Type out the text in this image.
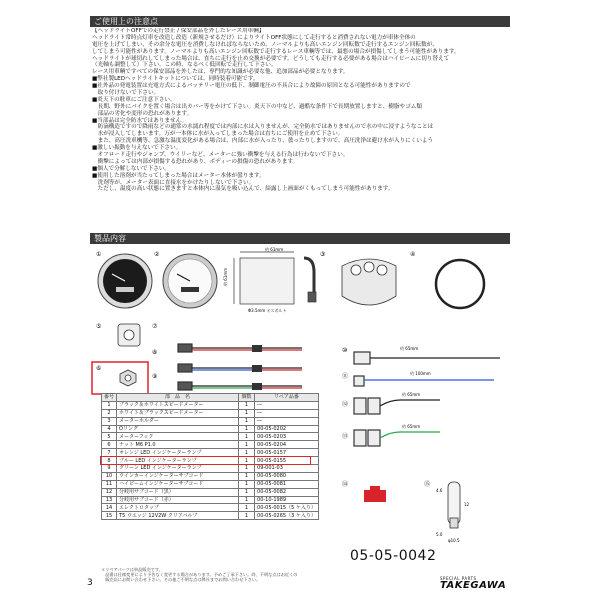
ご使用上の注意点
【ヘッドライトOFFでの走行禁止 / 保安部品を外したレース用車輌】
ヘッドライト常時点灯車を改造し改造（新規させるだけ）によりライトOFF状態にして走行すると消費されない電力が車体全体の
電圧を上げてしまい、その余分な電圧を消費しなければならないため、ノーマルよりも高いエンジン回転数で走行するエンジン回転数が、
してしまう可能性があります。ノーマルよりも高いエンジン回転数で走行するレース車輌等では、最悪の場合が損傷してしまう可能性があります。
ヘッドライトが球切れしてしまった場合は、直ちに走行を止め交換が必要です。どうしても走行する必要がある場合はハイビームに切り替えて
（光軸も調整して）下さい。この時、なるべく低回転で走行して下さい。
レース用車輌ですべての保安部品を外したは、専門的な知識が必要な他、追加部品が必要となります。
■弊社製LEDヘッドライトキットについては、同時装着可能です。
■社外品の発電装置は充電方式によるバッテリー電圧の低下、制御電圧の不具合により故障の原因となる可能性がありますので
　取り付けないで下さい。
■炎天下の駐車にご注意下さい。
　長期、野外にバイクを置く場合は出カバー等をかけて下さい。炎天下の中など、過酷な条件下で長期放置しますと、樹脂やゴム類
　部品の劣化や変形の恐れがあります。
■当部品は完全防水ではありません。
　防滴構造ですので降雨などの通常の水濡れ程度では内部に水は入りませんが、完全防水ではありませんので水の中に浸すようなことは
　水が浸入してしまいます。万が一本体に水が入ってしまった場合は直ちにご使用を止めて下さい。
　また、高圧洗車機等、急激な温度変化がある場合は、内部に水が入ったり、曇ったりしますので、高圧洗浄は避け水が入りにくいよう
■激しい振動を与えないで下さい。
　オフロード走行やジャンプ、ウイリーなど、メーターに強い衝撃を与える行為は行わないで下さい。
　衝撃によっては内部が損傷する恐れがあり、ボディーの損傷の恐れがあります。
■個人で分解しないで下さい。
■使用した溶剤が当たってしまった場合はメーター本体が曇ります。
　洗剤等が、メーター表面に直接水をかけたりしないで下さい。
　ただし、温度の高い状態に置きますと本体内に湿気を吸い込んで、結露し上画面がくもってしまう可能性があります。
製品内容
①	②	③	④
⑤
⑥
⑦
⑧
⑨
約 61mm
約 61mm
Φ3.5mm オスボルト
⑩
⑪
⑫
⑬
⑭	⑮
約 65mm
約 100mm
約 65mm
約 65mm
4.6
12
5.0
φ10.5
番号	部　品　名	個数	リペア品番
1	ブラック＆ホワイトスピードメーター	1	―
2	ホワイト＆ブラックスピードメーター	1	―
3	メーターホルダー	1	―
4	Oリング	1	00-05-0202
5	メーターフック	1	00-05-0203
6	ナット M6 P1.0	1	00-05-0204
7	オレンジ LED インジケーターランプ	1	00-05-0157
8	ブルー LED インジケーターランプ	1	00-05-0155
9	グリーン LED インジケーターランプ	1	09-001-03
10	ウインカーインジケーターサブコード	1	00-05-0080
11	ハイビームインジケーターサブコード	1	00-05-0081
12	分岐用サブコード（黒）	1	00-05-0082
13	分岐用サブコード（赤）	1	00-10-1989
14	エレクトロタップ	1	00-05-0015（5 ケ入り）
15	T5 ウエッジ 12V2W クリアバルブ	1	00-05-0265（3 ケ入り）
＊リペアパーツは単品販売です。
　品番は仕様変更により予告なく変更する場合があります。予めご了承下さい。尚、不明な点はお近くの
　販売店にお問い合わせ下さい。その他ご不明な点は弊社までお問い合わせ下さい。
05-05-0042
3	SPECIAL PARTS
TAKEGAWA
